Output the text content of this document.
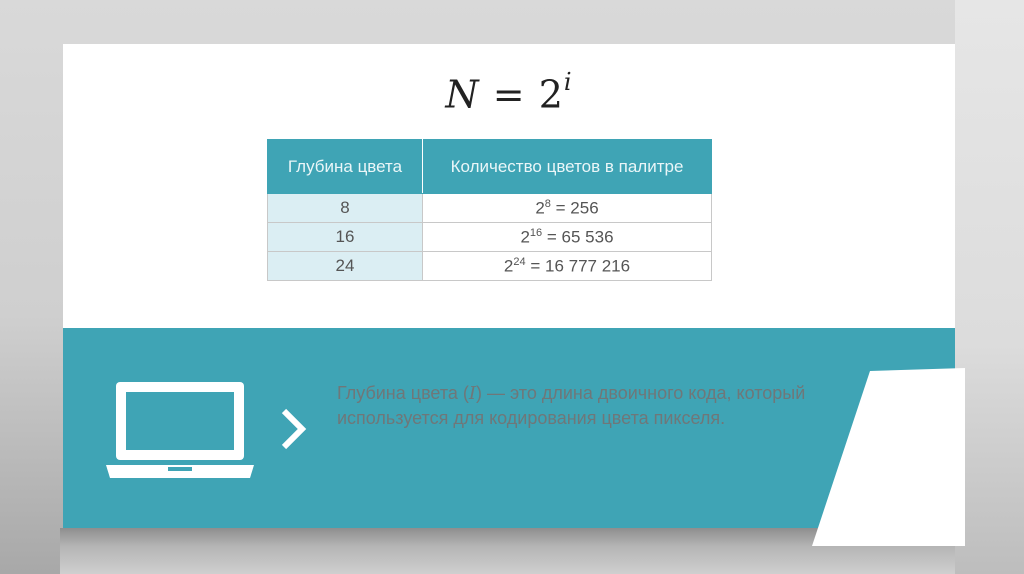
$N = 2^i$
Глубина цвета	Количество цветов в палитре
8	$2^8 = 256$
16	$2^{16} = 65$ 536
24	$2^{24} = 16$ 777 216
Глубина цвета (I) — это длина двоичного кода, который используется для кодирования цвета пикселя.
